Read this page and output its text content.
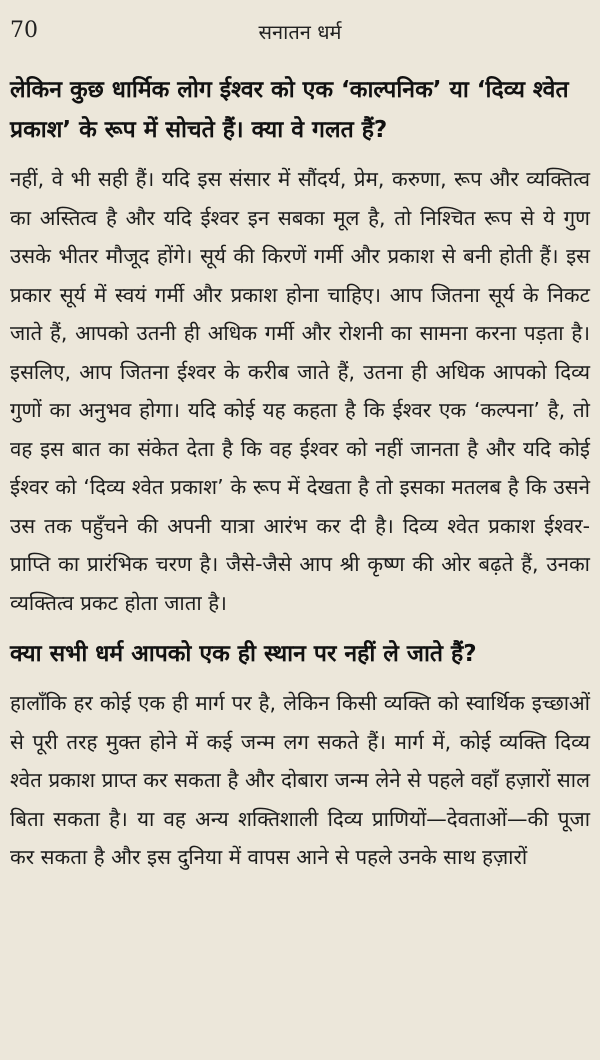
70	सनातन धर्म

लेकिन कुछ धार्मिक लोग ईश्वर को एक ‘काल्पनिक’ या ‘दिव्य श्वेत प्रकाश’ के रूप में सोचते हैं। क्या वे गलत हैं?

नहीं, वे भी सही हैं। यदि इस संसार में सौंदर्य, प्रेम, करुणा, रूप और व्यक्तित्व का अस्तित्व है और यदि ईश्वर इन सबका मूल है, तो निश्चित रूप से ये गुण उसके भीतर मौजूद होंगे। सूर्य की किरणें गर्मी और प्रकाश से बनी होती हैं। इस प्रकार सूर्य में स्वयं गर्मी और प्रकाश होना चाहिए। आप जितना सूर्य के निकट जाते हैं, आपको उतनी ही अधिक गर्मी और रोशनी का सामना करना पड़ता है। इसलिए, आप जितना ईश्वर के करीब जाते हैं, उतना ही अधिक आपको दिव्य गुणों का अनुभव होगा। यदि कोई यह कहता है कि ईश्वर एक ‘कल्पना’ है, तो वह इस बात का संकेत देता है कि वह ईश्वर को नहीं जानता है और यदि कोई ईश्वर को ‘दिव्य श्वेत प्रकाश’ के रूप में देखता है तो इसका मतलब है कि उसने उस तक पहुँचने की अपनी यात्रा आरंभ कर दी है। दिव्य श्वेत प्रकाश ईश्वर-प्राप्ति का प्रारंभिक चरण है। जैसे-जैसे आप श्री कृष्ण की ओर बढ़ते हैं, उनका व्यक्तित्व प्रकट होता जाता है।

क्या सभी धर्म आपको एक ही स्थान पर नहीं ले जाते हैं?

हालाँकि हर कोई एक ही मार्ग पर है, लेकिन किसी व्यक्ति को स्वार्थिक इच्छाओं से पूरी तरह मुक्त होने में कई जन्म लग सकते हैं। मार्ग में, कोई व्यक्ति दिव्य श्वेत प्रकाश प्राप्त कर सकता है और दोबारा जन्म लेने से पहले वहाँ हज़ारों साल बिता सकता है। या वह अन्य शक्तिशाली दिव्य प्राणियों—देवताओं—की पूजा कर सकता है और इस दुनिया में वापस आने से पहले उनके साथ हज़ारों
